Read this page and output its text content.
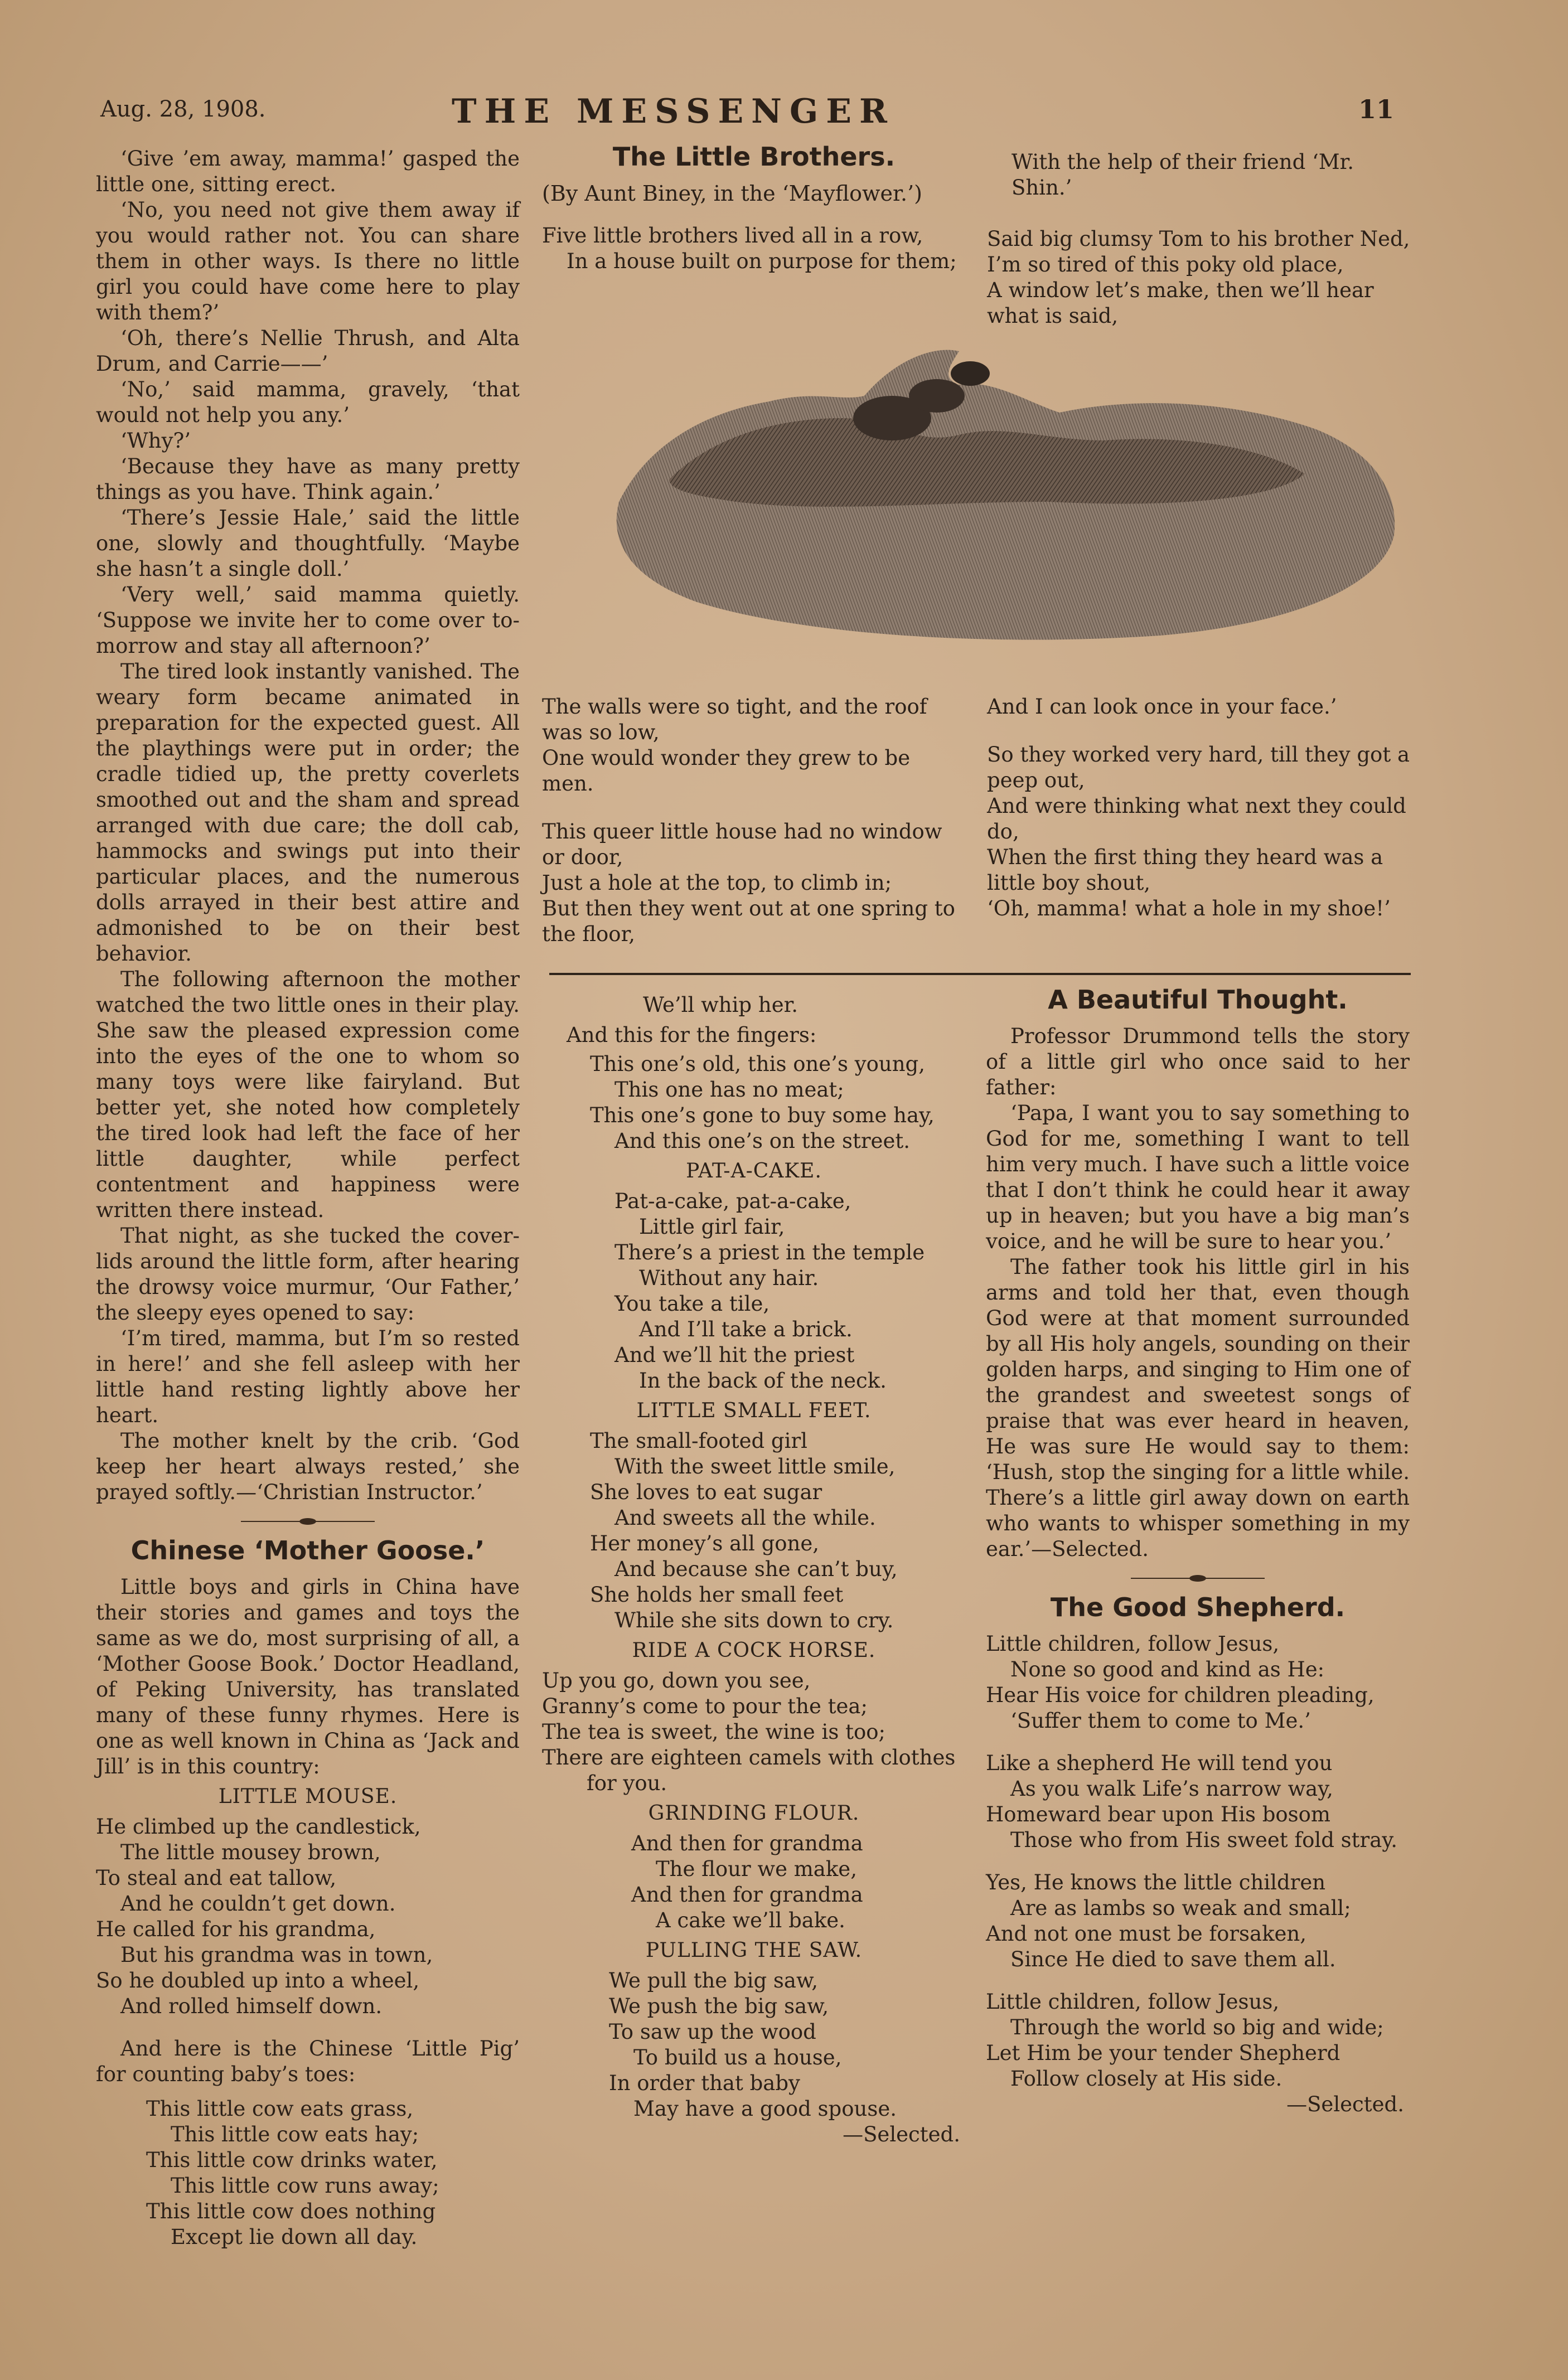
Aug. 28, 1908.	THE MESSENGER	11

‘Give ’em away, mamma!’ gasped the little one, sitting erect.

‘No, you need not give them away if you would rather not. You can share them in other ways. Is there no little girl you could have come here to play with them?’

‘Oh, there’s Nellie Thrush, and Alta Drum, and Carrie——’

‘No,’ said mamma, gravely, ‘that would not help you any.’

‘Why?’

‘Because they have as many pretty things as you have. Think again.’

‘There’s Jessie Hale,’ said the little one, slowly and thoughtfully. ‘Maybe she hasn’t a single doll.’

‘Very well,’ said mamma quietly. ‘Suppose we invite her to come over to-morrow and stay all afternoon?’

The tired look instantly vanished. The weary form became animated in preparation for the expected guest. All the playthings were put in order; the cradle tidied up, the pretty coverlets smoothed out and the sham and spread arranged with due care; the doll cab, hammocks and swings put into their particular places, and the numerous dolls arrayed in their best attire and admonished to be on their best behavior.

The following afternoon the mother watched the two little ones in their play. She saw the pleased expression come into the eyes of the one to whom so many toys were like fairyland. But better yet, she noted how completely the tired look had left the face of her little daughter, while perfect contentment and happiness were written there instead.

That night, as she tucked the cover-lids around the little form, after hearing the drowsy voice murmur, ‘Our Father,’ the sleepy eyes opened to say:

‘I’m tired, mamma, but I’m so rested in here!’ and she fell asleep with her little hand resting lightly above her heart.

The mother knelt by the crib. ‘God keep her heart always rested,’ she prayed softly.—‘Christian Instructor.’

Chinese ‘Mother Goose.’

Little boys and girls in China have their stories and games and toys the same as we do, most surprising of all, a ‘Mother Goose Book.’ Doctor Headland, of Peking University, has translated many of these funny rhymes. Here is one as well known in China as ‘Jack and Jill’ is in this country:

LITTLE MOUSE.
He climbed up the candlestick,
The little mousey brown,
To steal and eat tallow,
And he couldn’t get down.
He called for his grandma,
But his grandma was in town,
So he doubled up into a wheel,
And rolled himself down.

And here is the Chinese ‘Little Pig’ for counting baby’s toes:

This little cow eats grass,
This little cow eats hay;
This little cow drinks water,
This little cow runs away;
This little cow does nothing
Except lie down all day.
The Little Brothers.
(By Aunt Biney, in the ‘Mayflower.’)
Five little brothers lived all in a row,
In a house built on purpose for them;
With the help of their friend ‘Mr. Shin.’
Said big clumsy Tom to his brother Ned,
I’m so tired of this poky old place,
A window let’s make, then we’ll hear what is said,
The walls were so tight, and the roof was so low,
One would wonder they grew to be men.
This queer little house had no window or door,
Just a hole at the top, to climb in;
But then they went out at one spring to the floor,
And I can look once in your face.’
So they worked very hard, till they got a peep out,
And were thinking what next they could do,
When the first thing they heard was a little boy shout,
‘Oh, mamma! what a hole in my shoe!’
We’ll whip her.
And this for the fingers:
This one’s old, this one’s young,
This one has no meat;
This one’s gone to buy some hay,
And this one’s on the street.
PAT-A-CAKE.
Pat-a-cake, pat-a-cake,
Little girl fair,
There’s a priest in the temple
Without any hair.
You take a tile,
And I’ll take a brick.
And we’ll hit the priest
In the back of the neck.
LITTLE SMALL FEET.
The small-footed girl
With the sweet little smile,
She loves to eat sugar
And sweets all the while.
Her money’s all gone,
And because she can’t buy,
She holds her small feet
While she sits down to cry.
RIDE A COCK HORSE.
Up you go, down you see,
Granny’s come to pour the tea;
The tea is sweet, the wine is too;
There are eighteen camels with clothes for you.
GRINDING FLOUR.
And then for grandma
The flour we make,
And then for grandma
A cake we’ll bake.
PULLING THE SAW.
We pull the big saw,
We push the big saw,
To saw up the wood
To build us a house,
In order that baby
May have a good spouse.
—Selected.
A Beautiful Thought.

Professor Drummond tells the story of a little girl who once said to her father:

‘Papa, I want you to say something to God for me, something I want to tell him very much. I have such a little voice that I don’t think he could hear it away up in heaven; but you have a big man’s voice, and he will be sure to hear you.’

The father took his little girl in his arms and told her that, even though God were at that moment surrounded by all His holy angels, sounding on their golden harps, and singing to Him one of the grandest and sweetest songs of praise that was ever heard in heaven, He was sure He would say to them: ‘Hush, stop the singing for a little while. There’s a little girl away down on earth who wants to whisper something in my ear.’—Selected.

The Good Shepherd.
Little children, follow Jesus,
None so good and kind as He:
Hear His voice for children pleading,
‘Suffer them to come to Me.’
Like a shepherd He will tend you
As you walk Life’s narrow way,
Homeward bear upon His bosom
Those who from His sweet fold stray.
Yes, He knows the little children
Are as lambs so weak and small;
And not one must be forsaken,
Since He died to save them all.
Little children, follow Jesus,
Through the world so big and wide;
Let Him be your tender Shepherd
Follow closely at His side.
—Selected.
